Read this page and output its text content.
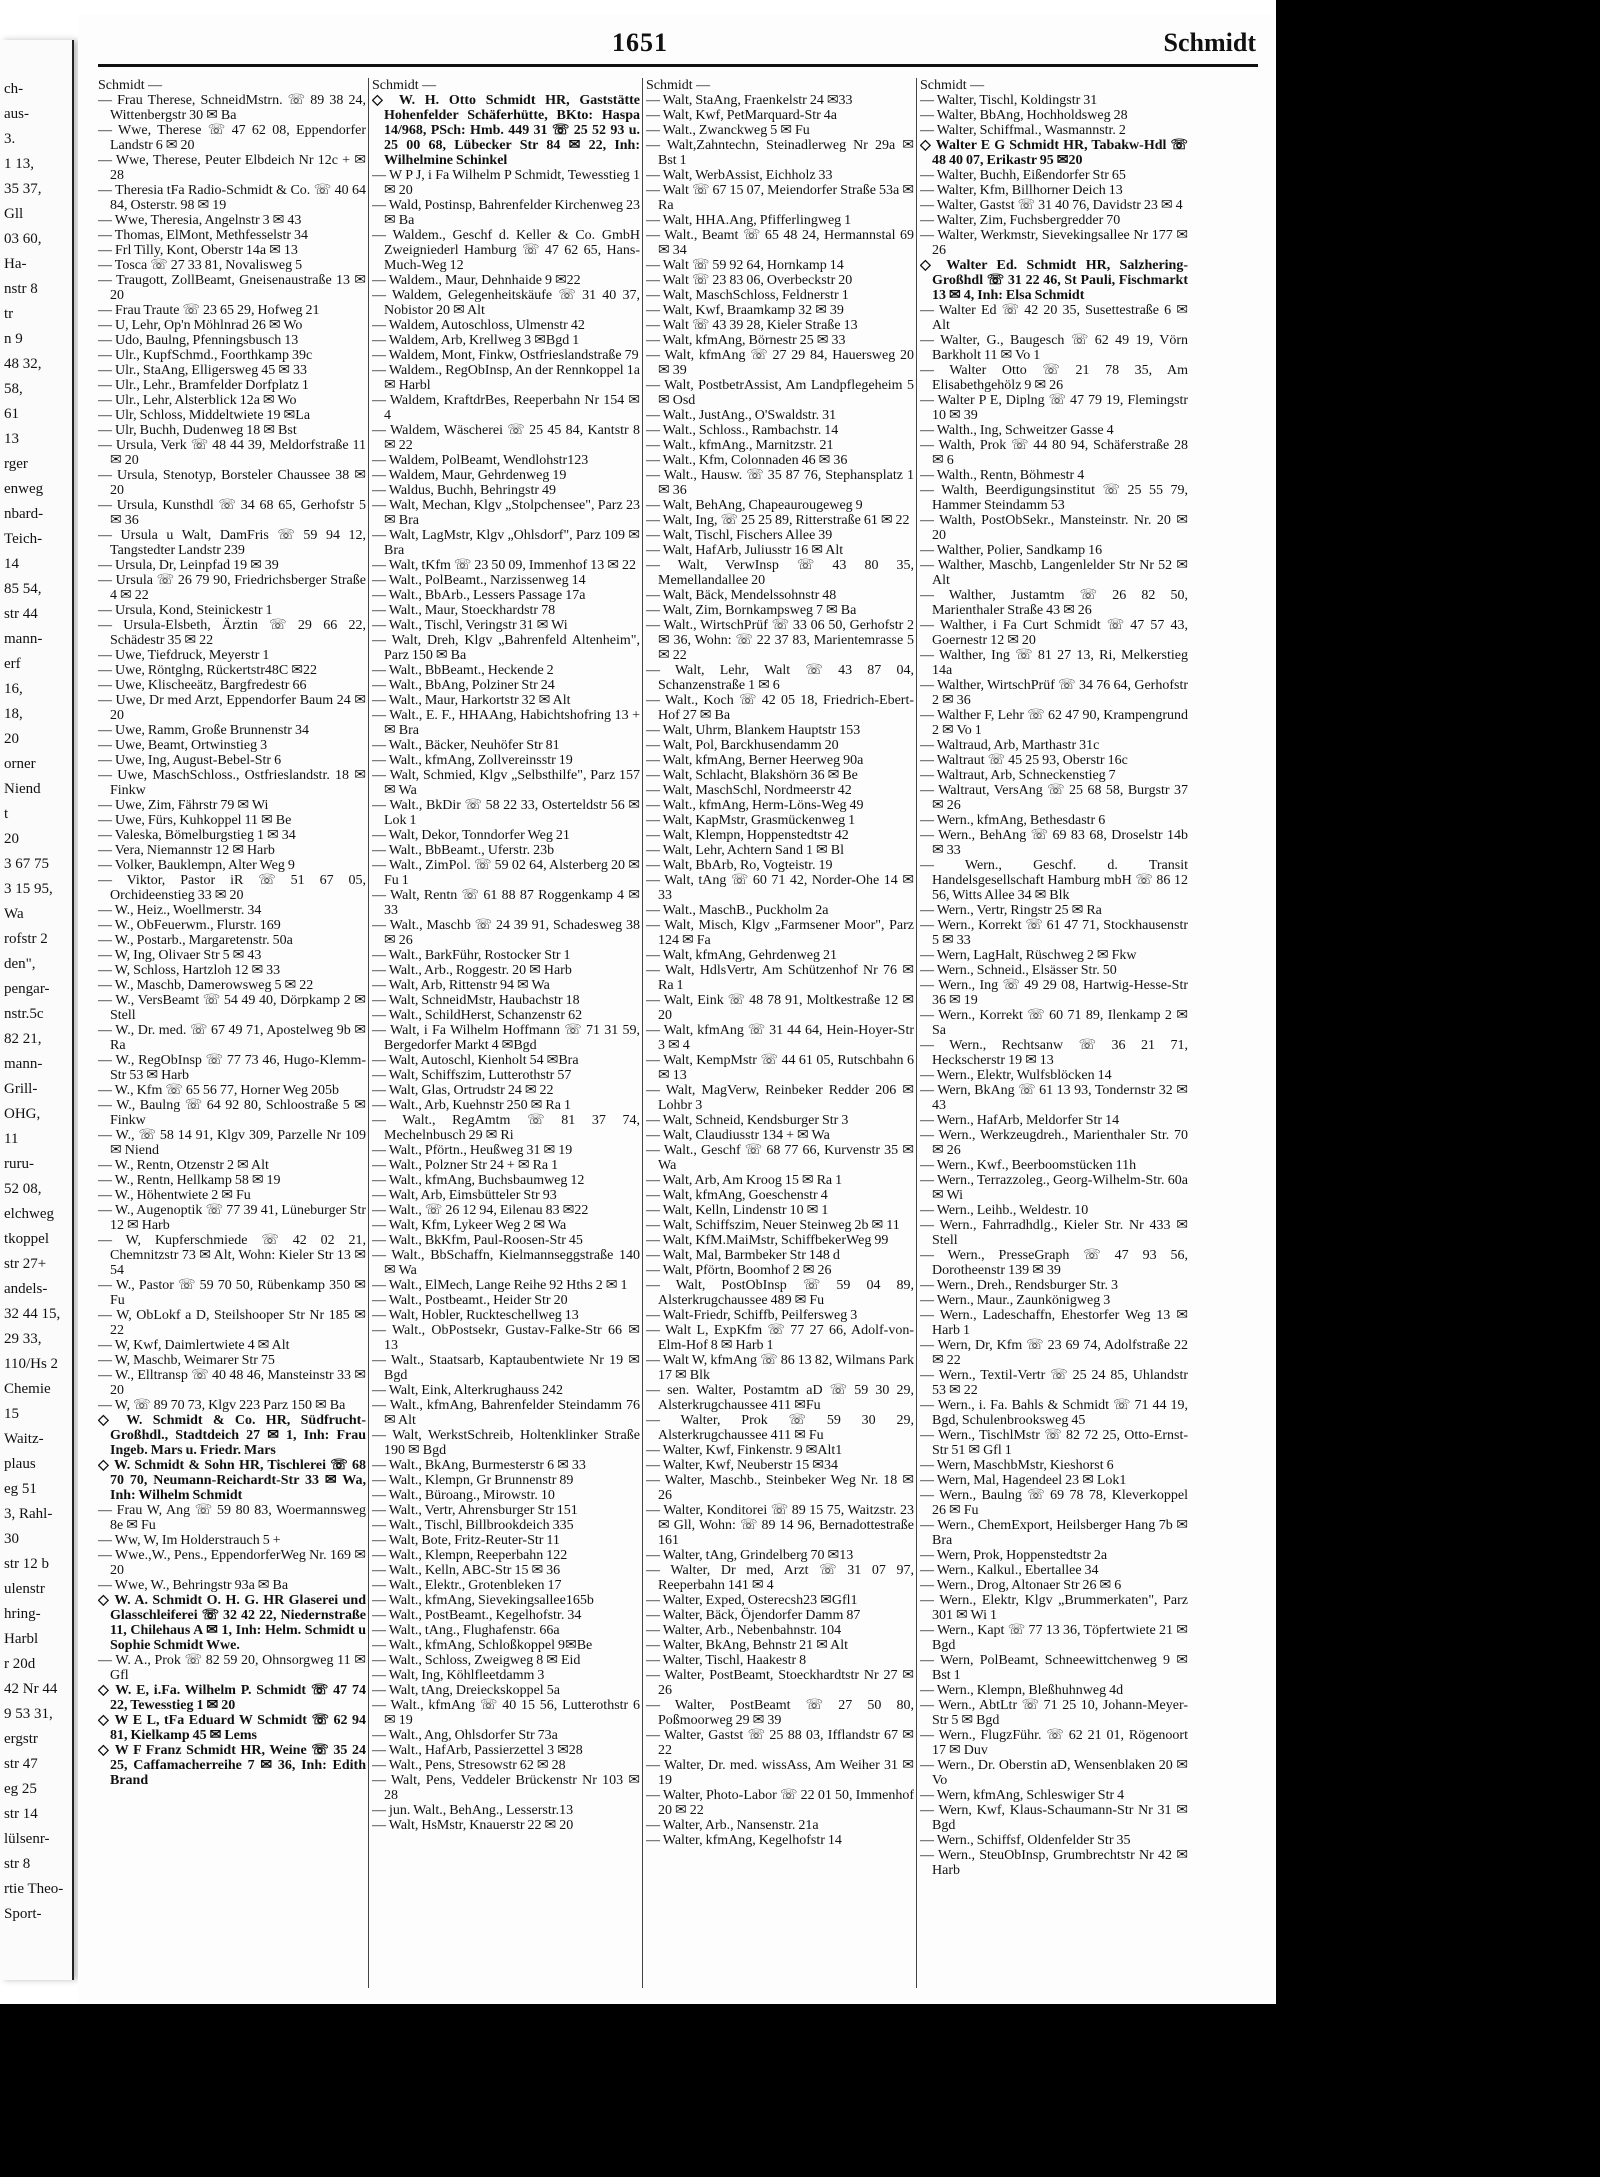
ch-
aus-
3.
1 13,
35 37,
Gll
03 60,
Ha-
nstr 8
tr
n 9
48 32,
58,
61
13
rger
enweg
nbard-
Teich-
14
85 54,
str 44
mann-
erf
16,
18,
20
orner
Niend
t
20
3 67 75
3 15 95,
Wa
rofstr 2
den",
pengar-
nstr.5c
82 21,
mann-
Grill-
OHG,
11
ruru-
52 08,
elchweg
tkoppel
str 27+
andels-
32 44 15,
29 33,
110/Hs 2
Chemie
15
Waitz-
plaus
eg 51
3, Rahl-
30
str 12 b
ulenstr
hring-
Harbl
r 20d
42 Nr 44
9 53 31,
ergstr
str 47
eg 25
str 14
lülsenr-
str 8
rtie Theo-
Sport-
1651	Schmidt
Schmidt —
— Frau Therese, SchneidMstrn. ☏ 89 38 24, Wittenbergstr 30 ✉ Ba
— Wwe, Therese ☏ 47 62 08, Eppendorfer Landstr 6 ✉ 20
— Wwe, Therese, Peuter Elbdeich Nr 12c + ✉ 28
— Theresia tFa Radio-Schmidt & Co. ☏ 40 64 84, Osterstr. 98 ✉ 19
— Wwe, Theresia, Angelnstr 3 ✉ 43
— Thomas, ElMont, Methfesselstr 34
— Frl Tilly, Kont, Oberstr 14a ✉ 13
— Tosca ☏ 27 33 81, Novalisweg 5
— Traugott, ZollBeamt, Gneisenaustraße 13 ✉ 20
— Frau Traute ☏ 23 65 29, Hofweg 21
— U, Lehr, Op'n Möhlnrad 26 ✉ Wo
— Udo, Baulng, Pfenningsbusch 13
— Ulr., KupfSchmd., Foorthkamp 39c
— Ulr., StaAng, Elligersweg 45 ✉ 33
— Ulr., Lehr., Bramfelder Dorfplatz 1
— Ulr., Lehr, Alsterblick 12a ✉ Wo
— Ulr, Schloss, Middeltwiete 19 ✉La
— Ulr, Buchh, Dudenweg 18 ✉ Bst
— Ursula, Verk ☏ 48 44 39, Meldorfstraße 11 ✉ 20
— Ursula, Stenotyp, Borsteler Chaussee 38 ✉ 20
— Ursula, Kunsthdl ☏ 34 68 65, Gerhofstr 5 ✉ 36
— Ursula u Walt, DamFris ☏ 59 94 12, Tangstedter Landstr 239
— Ursula, Dr, Leinpfad 19 ✉ 39
— Ursula ☏ 26 79 90, Friedrichsberger Straße 4 ✉ 22
— Ursula, Kond, Steinickestr 1
— Ursula-Elsbeth, Ärztin ☏ 29 66 22, Schädestr 35 ✉ 22
— Uwe, Tiefdruck, Meyerstr 1
— Uwe, Röntglng, Rückertstr48C ✉22
— Uwe, Klischeeätz, Bargfredestr 66
— Uwe, Dr med Arzt, Eppendorfer Baum 24 ✉ 20
— Uwe, Ramm, Große Brunnenstr 34
— Uwe, Beamt, Ortwinstieg 3
— Uwe, Ing, August-Bebel-Str 6
— Uwe, MaschSchloss., Ostfrieslandstr. 18 ✉ Finkw
— Uwe, Zim, Fährstr 79 ✉ Wi
— Uwe, Fürs, Kuhkoppel 11 ✉ Be
— Valeska, Bömelburgstieg 1 ✉ 34
— Vera, Niemannstr 12 ✉ Harb
— Volker, Bauklempn, Alter Weg 9
— Viktor, Pastor iR ☏ 51 67 05, Orchideenstieg 33 ✉ 20
— W., Heiz., Woellmerstr. 34
— W., ObFeuerwm., Flurstr. 169
— W., Postarb., Margaretenstr. 50a
— W, Ing, Olivaer Str 5 ✉ 43
— W, Schloss, Hartzloh 12 ✉ 33
— W., Maschb, Damerowsweg 5 ✉ 22
— W., VersBeamt ☏ 54 49 40, Dörpkamp 2 ✉ Stell
— W., Dr. med. ☏ 67 49 71, Apostelweg 9b ✉ Ra
— W., RegObInsp ☏ 77 73 46, Hugo-Klemm-Str 53 ✉ Harb
— W., Kfm ☏ 65 56 77, Horner Weg 205b
— W., Baulng ☏ 64 92 80, Schloostraße 5 ✉ Finkw
— W., ☏ 58 14 91, Klgv 309, Parzelle Nr 109 ✉ Niend
— W., Rentn, Otzenstr 2 ✉ Alt
— W., Rentn, Hellkamp 58 ✉ 19
— W., Höhentwiete 2 ✉ Fu
— W., Augenoptik ☏ 77 39 41, Lüneburger Str 12 ✉ Harb
— W, Kupferschmiede ☏ 42 02 21, Chemnitzstr 73 ✉ Alt, Wohn: Kieler Str 13 ✉ 54
— W., Pastor ☏ 59 70 50, Rübenkamp 350 ✉ Fu
— W, ObLokf a D, Steilshooper Str Nr 185 ✉ 22
— W, Kwf, Daimlertwiete 4 ✉ Alt
— W, Maschb, Weimarer Str 75
— W., Elltransp ☏ 40 48 46, Mansteinstr 33 ✉ 20
— W, ☏ 89 70 73, Klgv 223 Parz 150 ✉ Ba
◇ W. Schmidt & Co. HR, Südfrucht-Großhdl., Stadtdeich 27 ✉ 1, Inh: Frau Ingeb. Mars u. Friedr. Mars
◇ W. Schmidt & Sohn HR, Tischlerei ☏ 68 70 70, Neumann-Reichardt-Str 33 ✉ Wa, Inh: Wilhelm Schmidt
— Frau W, Ang ☏ 59 80 83, Woermannsweg 8e ✉ Fu
— Ww, W, Im Holderstrauch 5 +
— Wwe.,W., Pens., EppendorferWeg Nr. 169 ✉ 20
— Wwe, W., Behringstr 93a ✉ Ba
◇ W. A. Schmidt O. H. G. HR Glaserei und Glasschleiferei ☏ 32 42 22, Niedernstraße 11, Chilehaus A ✉ 1, Inh: Helm. Schmidt u Sophie Schmidt Wwe.
— W. A., Prok ☏ 82 59 20, Ohnsorgweg 11 ✉ Gfl
◇ W. E, i.Fa. Wilhelm P. Schmidt ☏ 47 74 22, Tewesstieg 1 ✉ 20
◇ W E L, tFa Eduard W Schmidt ☏ 62 94 81, Kielkamp 45 ✉ Lems
◇ W F Franz Schmidt HR, Weine ☏ 35 24 25, Caffamacherreihe 7 ✉ 36, Inh: Edith Brand
Schmidt —
◇ W. H. Otto Schmidt HR, Gaststätte Hohenfelder Schäferhütte, BKto: Haspa 14/968, PSch: Hmb. 449 31 ☏ 25 52 93 u. 25 00 68, Lübecker Str 84 ✉ 22, Inh: Wilhelmine Schinkel
— W P J, i Fa Wilhelm P Schmidt, Tewesstieg 1 ✉ 20
— Wald, Postinsp, Bahrenfelder Kirchenweg 23 ✉ Ba
— Waldem., Geschf d. Keller & Co. GmbH Zweigniederl Hamburg ☏ 47 62 65, Hans-Much-Weg 12
— Waldem., Maur, Dehnhaide 9 ✉22
— Waldem, Gelegenheitskäufe ☏ 31 40 37, Nobistor 20 ✉ Alt
— Waldem, Autoschloss, Ulmenstr 42
— Waldem, Arb, Krellweg 3 ✉Bgd 1
— Waldem, Mont, Finkw, Ostfrieslandstraße 79
— Waldem., RegObInsp, An der Rennkoppel 1a ✉ Harbl
— Waldem, KraftdrBes, Reeperbahn Nr 154 ✉ 4
— Waldem, Wäscherei ☏ 25 45 84, Kantstr 8 ✉ 22
— Waldem, PolBeamt, Wendlohstr123
— Waldem, Maur, Gehrdenweg 19
— Waldus, Buchh, Behringstr 49
— Walt, Mechan, Klgv „Stolpchensee", Parz 23 ✉ Bra
— Walt, LagMstr, Klgv „Ohlsdorf", Parz 109 ✉ Bra
— Walt, tKfm ☏ 23 50 09, Immenhof 13 ✉ 22
— Walt., PolBeamt., Narzissenweg 14
— Walt., BbArb., Lessers Passage 17a
— Walt., Maur, Stoeckhardstr 78
— Walt., Tischl, Veringstr 31 ✉ Wi
— Walt, Dreh, Klgv „Bahrenfeld Altenheim", Parz 150 ✉ Ba
— Walt., BbBeamt., Heckende 2
— Walt., BbAng, Polziner Str 24
— Walt., Maur, Harkortstr 32 ✉ Alt
— Walt., E. F., HHAAng, Habichtshofring 13 + ✉ Bra
— Walt., Bäcker, Neuhöfer Str 81
— Walt., kfmAng, Zollvereinsstr 19
— Walt, Schmied, Klgv „Selbsthilfe", Parz 157 ✉ Wa
— Walt., BkDir ☏ 58 22 33, Osterteldstr 56 ✉ Lok 1
— Walt, Dekor, Tonndorfer Weg 21
— Walt., BbBeamt., Uferstr. 23b
— Walt., ZimPol. ☏ 59 02 64, Alsterberg 20 ✉ Fu 1
— Walt, Rentn ☏ 61 88 87 Roggenkamp 4 ✉ 33
— Walt., Maschb ☏ 24 39 91, Schadesweg 38 ✉ 26
— Walt., BarkFühr, Rostocker Str 1
— Walt., Arb., Roggestr. 20 ✉ Harb
— Walt, Arb, Rittenstr 94 ✉ Wa
— Walt, SchneidMstr, Haubachstr 18
— Walt., SchildHerst, Schanzenstr 62
— Walt, i Fa Wilhelm Hoffmann ☏ 71 31 59, Bergedorfer Markt 4 ✉Bgd
— Walt, Autoschl, Kienholt 54 ✉Bra
— Walt, Schiffszim, Lutterothstr 57
— Walt, Glas, Ortrudstr 24 ✉ 22
— Walt., Arb, Kuehnstr 250 ✉ Ra 1
— Walt., RegAmtm ☏ 81 37 74, Mechelnbusch 29 ✉ Ri
— Walt., Pförtn., Heußweg 31 ✉ 19
— Walt., Polzner Str 24 + ✉ Ra 1
— Walt., kfmAng, Buchsbaumweg 12
— Walt, Arb, Eimsbütteler Str 93
— Walt., ☏ 26 12 94, Eilenau 83 ✉22
— Walt, Kfm, Lykeer Weg 2 ✉ Wa
— Walt., BkKfm, Paul-Roosen-Str 45
— Walt., BbSchaffn, Kielmannseggstraße 140 ✉ Wa
— Walt., ElMech, Lange Reihe 92 Hths 2 ✉ 1
— Walt., Postbeamt., Heider Str 20
— Walt, Hobler, Ruckteschellweg 13
— Walt., ObPostsekr, Gustav-Falke-Str 66 ✉ 13
— Walt., Staatsarb, Kaptaubentwiete Nr 19 ✉ Bgd
— Walt, Eink, Alterkrughauss 242
— Walt., kfmAng, Bahrenfelder Steindamm 76 ✉ Alt
— Walt, WerkstSchreib, Holtenklinker Straße 190 ✉ Bgd
— Walt., BkAng, Burmesterstr 6 ✉ 33
— Walt., Klempn, Gr Brunnenstr 89
— Walt., Büroang., Mirowstr. 10
— Walt., Vertr, Ahrensburger Str 151
— Walt., Tischl, Billbrookdeich 335
— Walt, Bote, Fritz-Reuter-Str 11
— Walt., Klempn, Reeperbahn 122
— Walt., Kelln, ABC-Str 15 ✉ 36
— Walt., Elektr., Grotenbleken 17
— Walt., kfmAng, Sievekingsallee165b
— Walt., PostBeamt., Kegelhofstr. 34
— Walt., tAng., Flughafenstr. 66a
— Walt., kfmAng, Schloßkoppel 9✉Be
— Walt., Schloss, Zweigweg 8 ✉ Eid
— Walt, Ing, Köhlfleetdamm 3
— Walt, tAng, Dreieckskoppel 5a
— Walt., kfmAng ☏ 40 15 56, Lutterothstr 6 ✉ 19
— Walt., Ang, Ohlsdorfer Str 73a
— Walt., HafArb, Passierzettel 3 ✉28
— Walt., Pens, Stresowstr 62 ✉ 28
— Walt, Pens, Veddeler Brückenstr Nr 103 ✉ 28
— jun. Walt., BehAng., Lesserstr.13
— Walt, HsMstr, Knauerstr 22 ✉ 20
Schmidt —
— Walt, StaAng, Fraenkelstr 24 ✉33
— Walt, Kwf, PetMarquard-Str 4a
— Walt., Zwanckweg 5 ✉ Fu
— Walt,Zahntechn, Steinadlerweg Nr 29a ✉ Bst 1
— Walt, WerbAssist, Eichholz 33
— Walt ☏ 67 15 07, Meiendorfer Straße 53a ✉ Ra
— Walt, HHA.Ang, Pfifferlingweg 1
— Walt., Beamt ☏ 65 48 24, Hermannstal 69 ✉ 34
— Walt ☏ 59 92 64, Hornkamp 14
— Walt ☏ 23 83 06, Overbeckstr 20
— Walt, MaschSchloss, Feldnerstr 1
— Walt, Kwf, Braamkamp 32 ✉ 39
— Walt ☏ 43 39 28, Kieler Straße 13
— Walt, kfmAng, Börnestr 25 ✉ 33
— Walt, kfmAng ☏ 27 29 84, Hauersweg 20 ✉ 39
— Walt, PostbetrAssist, Am Landpflegeheim 5 ✉ Osd
— Walt., JustAng., O'Swaldstr. 31
— Walt., Schloss., Rambachstr. 14
— Walt., kfmAng., Marnitzstr. 21
— Walt., Kfm, Colonnaden 46 ✉ 36
— Walt., Hausw. ☏ 35 87 76, Stephansplatz 1 ✉ 36
— Walt, BehAng, Chapeaurougeweg 9
— Walt, Ing, ☏ 25 25 89, Ritterstraße 61 ✉ 22
— Walt, Tischl, Fischers Allee 39
— Walt, HafArb, Juliusstr 16 ✉ Alt
— Walt, VerwInsp ☏ 43 80 35, Memellandallee 20
— Walt, Bäck, Mendelssohnstr 48
— Walt, Zim, Bornkampsweg 7 ✉ Ba
— Walt., WirtschPrüf ☏ 33 06 50, Gerhofstr 2 ✉ 36, Wohn: ☏ 22 37 83, Marientemrasse 5 ✉ 22
— Walt, Lehr, Walt ☏ 43 87 04, Schanzenstraße 1 ✉ 6
— Walt., Koch ☏ 42 05 18, Friedrich-Ebert-Hof 27 ✉ Ba
— Walt, Uhrm, Blankem Hauptstr 153
— Walt, Pol, Barckhusendamm 20
— Walt, kfmAng, Berner Heerweg 90a
— Walt, Schlacht, Blakshörn 36 ✉ Be
— Walt, MaschSchl, Nordmeerstr 42
— Walt., kfmAng, Herm-Löns-Weg 49
— Walt, KapMstr, Grasmückenweg 1
— Walt, Klempn, Hoppenstedtstr 42
— Walt, Lehr, Achtern Sand 1 ✉ Bl
— Walt, BbArb, Ro, Vogteistr. 19
— Walt, tAng ☏ 60 71 42, Norder-Ohe 14 ✉ 33
— Walt., MaschB., Puckholm 2a
— Walt, Misch, Klgv „Farmsener Moor", Parz 124 ✉ Fa
— Walt, kfmAng, Gehrdenweg 21
— Walt, HdlsVertr, Am Schützenhof Nr 76 ✉ Ra 1
— Walt, Eink ☏ 48 78 91, Moltkestraße 12 ✉ 20
— Walt, kfmAng ☏ 31 44 64, Hein-Hoyer-Str 3 ✉ 4
— Walt, KempMstr ☏ 44 61 05, Rutschbahn 6 ✉ 13
— Walt, MagVerw, Reinbeker Redder 206 ✉ Lohbr 3
— Walt, Schneid, Kendsburger Str 3
— Walt, Claudiusstr 134 + ✉ Wa
— Walt., Geschf ☏ 68 77 66, Kurvenstr 35 ✉ Wa
— Walt, Arb, Am Kroog 15 ✉ Ra 1
— Walt, kfmAng, Goeschenstr 4
— Walt, Kelln, Lindenstr 10 ✉ 1
— Walt, Schiffszim, Neuer Steinweg 2b ✉ 11
— Walt, KfM.MaiMstr, SchiffbekerWeg 99
— Walt, Mal, Barmbeker Str 148 d
— Walt, Pförtn, Boomhof 2 ✉ 26
— Walt, PostObInsp ☏ 59 04 89, Alsterkrugchaussee 489 ✉ Fu
— Walt-Friedr, Schiffb, Peilfersweg 3
— Walt L, ExpKfm ☏ 77 27 66, Adolf-von-Elm-Hof 8 ✉ Harb 1
— Walt W, kfmAng ☏ 86 13 82, Wilmans Park 17 ✉ Blk
— sen. Walter, Postamtm aD ☏ 59 30 29, Alsterkrugchaussee 411 ✉Fu
— Walter, Prok ☏ 59 30 29, Alsterkrugchaussee 411 ✉ Fu
— Walter, Kwf, Finkenstr. 9 ✉Alt1
— Walter, Kwf, Neuberstr 15 ✉34
— Walter, Maschb., Steinbeker Weg Nr. 18 ✉ 26
— Walter, Konditorei ☏ 89 15 75, Waitzstr. 23 ✉ Gll, Wohn: ☏ 89 14 96, Bernadottestraße 161
— Walter, tAng, Grindelberg 70 ✉13
— Walter, Dr med, Arzt ☏ 31 07 97, Reeperbahn 141 ✉ 4
— Walter, Exped, Osterecsh23 ✉Gfl1
— Walter, Bäck, Öjendorfer Damm 87
— Walter, Arb., Nebenbahnstr. 104
— Walter, BkAng, Behnstr 21 ✉ Alt
— Walter, Tischl, Haakestr 8
— Walter, PostBeamt, Stoeckhardtstr Nr 27 ✉ 26
— Walter, PostBeamt ☏ 27 50 80, Poßmoorweg 29 ✉ 39
— Walter, Gastst ☏ 25 88 03, Ifflandstr 67 ✉ 22
— Walter, Dr. med. wissAss, Am Weiher 31 ✉ 19
— Walter, Photo-Labor ☏ 22 01 50, Immenhof 20 ✉ 22
— Walter, Arb., Nansenstr. 21a
— Walter, kfmAng, Kegelhofstr 14
Schmidt —
— Walter, Tischl, Koldingstr 31
— Walter, BbAng, Hochholdsweg 28
— Walter, Schiffmal., Wasmannstr. 2
◇ Walter E G Schmidt HR, Tabakw-Hdl ☏ 48 40 07, Erikastr 95 ✉20
— Walter, Buchh, Eißendorfer Str 65
— Walter, Kfm, Billhorner Deich 13
— Walter, Gastst ☏ 31 40 76, Davidstr 23 ✉ 4
— Walter, Zim, Fuchsbergredder 70
— Walter, Werkmstr, Sievekingsallee Nr 177 ✉ 26
◇ Walter Ed. Schmidt HR, Salzhering-Großhdl ☏ 31 22 46, St Pauli, Fischmarkt 13 ✉ 4, Inh: Elsa Schmidt
— Walter Ed ☏ 42 20 35, Susettestraße 6 ✉ Alt
— Walter, G., Baugesch ☏ 62 49 19, Vörn Barkholt 11 ✉ Vo 1
— Walter Otto ☏ 21 78 35, Am Elisabethgehölz 9 ✉ 26
— Walter P E, Diplng ☏ 47 79 19, Flemingstr 10 ✉ 39
— Walth., Ing, Schweitzer Gasse 4
— Walth, Prok ☏ 44 80 94, Schäferstraße 28 ✉ 6
— Walth., Rentn, Böhmestr 4
— Walth, Beerdigungsinstitut ☏ 25 55 79, Hammer Steindamm 53
— Walth, PostObSekr., Mansteinstr. Nr. 20 ✉ 20
— Walther, Polier, Sandkamp 16
— Walther, Maschb, Langenlelder Str Nr 52 ✉ Alt
— Walther, Justamtm ☏ 26 82 50, Marienthaler Straße 43 ✉ 26
— Walther, i Fa Curt Schmidt ☏ 47 57 43, Goernestr 12 ✉ 20
— Walther, Ing ☏ 81 27 13, Ri, Melkerstieg 14a
— Walther, WirtschPrüf ☏ 34 76 64, Gerhofstr 2 ✉ 36
— Walther F, Lehr ☏ 62 47 90, Krampengrund 2 ✉ Vo 1
— Waltraud, Arb, Marthastr 31c
— Waltraut ☏ 45 25 93, Oberstr 16c
— Waltraut, Arb, Schneckenstieg 7
— Waltraut, VersAng ☏ 25 68 58, Burgstr 37 ✉ 26
— Wern., kfmAng, Bethesdastr 6
— Wern., BehAng ☏ 69 83 68, Droselstr 14b ✉ 33
— Wern., Geschf. d. Transit Handelsgesellschaft Hamburg mbH ☏ 86 12 56, Witts Allee 34 ✉ Blk
— Wern., Vertr, Ringstr 25 ✉ Ra
— Wern., Korrekt ☏ 61 47 71, Stockhausenstr 5 ✉ 33
— Wern, LagHalt, Rüschweg 2 ✉ Fkw
— Wern., Schneid., Elsässer Str. 50
— Wern., Ing ☏ 49 29 08, Hartwig-Hesse-Str 36 ✉ 19
— Wern., Korrekt ☏ 60 71 89, Ilenkamp 2 ✉ Sa
— Wern., Rechtsanw ☏ 36 21 71, Heckscherstr 19 ✉ 13
— Wern., Elektr, Wulfsblöcken 14
— Wern, BkAng ☏ 61 13 93, Tondernstr 32 ✉ 43
— Wern., HafArb, Meldorfer Str 14
— Wern., Werkzeugdreh., Marienthaler Str. 70 ✉ 26
— Wern., Kwf., Beerboomstücken 11h
— Wern., Terrazzoleg., Georg-Wilhelm-Str. 60a ✉ Wi
— Wern., Leihb., Weldestr. 10
— Wern., Fahrradhdlg., Kieler Str. Nr 433 ✉ Stell
— Wern., PresseGraph ☏ 47 93 56, Dorotheenstr 139 ✉ 39
— Wern., Dreh., Rendsburger Str. 3
— Wern., Maur., Zaunkönigweg 3
— Wern., Ladeschaffn, Ehestorfer Weg 13 ✉ Harb 1
— Wern, Dr, Kfm ☏ 23 69 74, Adolfstraße 22 ✉ 22
— Wern., Textil-Vertr ☏ 25 24 85, Uhlandstr 53 ✉ 22
— Wern., i. Fa. Bahls & Schmidt ☏ 71 44 19, Bgd, Schulenbrooksweg 45
— Wern., TischlMstr ☏ 82 72 25, Otto-Ernst-Str 51 ✉ Gfl 1
— Wern, MaschbMstr, Kieshorst 6
— Wern, Mal, Hagendeel 23 ✉ Lok1
— Wern., Baulng ☏ 69 78 78, Kleverkoppel 26 ✉ Fu
— Wern., ChemExport, Heilsberger Hang 7b ✉ Bra
— Wern, Prok, Hoppenstedtstr 2a
— Wern., Kalkul., Ebertallee 34
— Wern., Drog, Altonaer Str 26 ✉ 6
— Wern., Elektr, Klgv „Brummerkaten", Parz 301 ✉ Wi 1
— Wern., Kapt ☏ 77 13 36, Töpfertwiete 21 ✉ Bgd
— Wern, PolBeamt, Schneewittchenweg 9 ✉ Bst 1
— Wern., Klempn, Bleßhuhnweg 4d
— Wern., AbtLtr ☏ 71 25 10, Johann-Meyer-Str 5 ✉ Bgd
— Wern., FlugzFühr. ☏ 62 21 01, Rögenoort 17 ✉ Duv
— Wern., Dr. Oberstin aD, Wensenblaken 20 ✉ Vo
— Wern, kfmAng, Schleswiger Str 4
— Wern, Kwf, Klaus-Schaumann-Str Nr 31 ✉ Bgd
— Wern., Schiffsf, Oldenfelder Str 35
— Wern., SteuObInsp, Grumbrechtstr Nr 42 ✉ Harb
